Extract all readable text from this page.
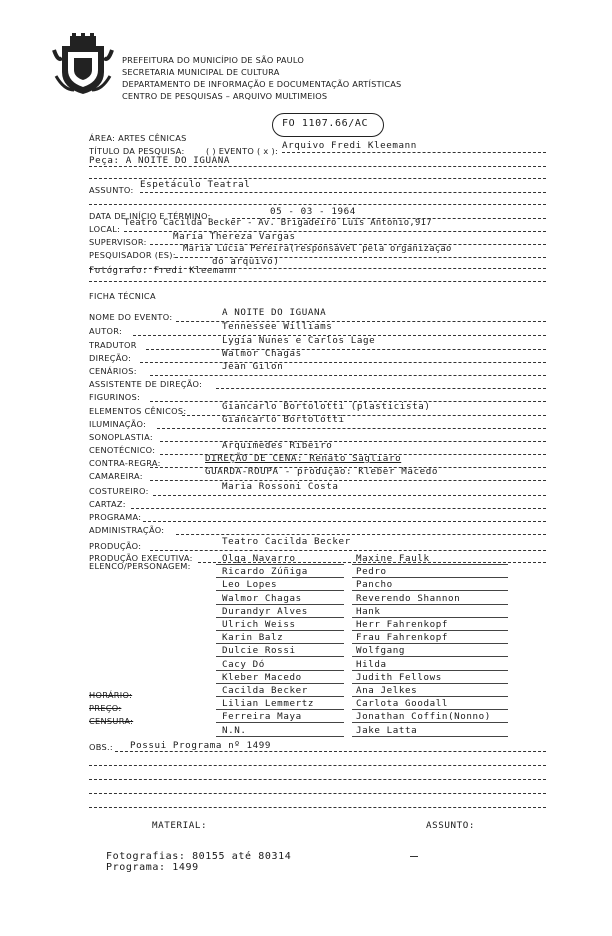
PREFEITURA DO MUNICÍPIO DE SÃO PAULO
SECRETARIA MUNICIPAL DE CULTURA
DEPARTAMENTO DE INFORMAÇÃO E DOCUMENTAÇÃO ARTÍSTICAS
CENTRO DE PESQUISAS – ARQUIVO MULTIMEIOS
FO 1107.66/AC
ÁREA: ARTES CÊNICAS
TÍTULO DA PESQUISA:	( ) EVENTO ( x ): Arquivo Fredi Kleemann
Peça: A NOITE DO IGUANA
ASSUNTO: Espetáculo Teatral
DATA DE INÍCIO E TÉRMINO:	05 - 03 - 1964
LOCAL:
Teatro Cacilda Becker - Av. Brigadeiro Luís Antonio,917
SUPERVISOR:	Maria Thereza Vargas
PESQUISADOR (ES):
Maria Lúcia Pereira(responsável pela organização
do arquivo)
Fotógrafo: Fredi Kleemann
FICHA TÉCNICA
NOME DO EVENTO:	A NOITE DO IGUANA
AUTOR:	Tennessee Williams
TRADUTOR	Lygia Nunes e Carlos Lage
DIREÇÃO:	Walmor Chagas
CENÁRIOS:	Jean Gilon
ASSISTENTE DE DIREÇÃO:
FIGURINOS:
ELEMENTOS CÊNICOS:	Giancarlo Bortolotti (plasticista)
ILUMINAÇÃO:	Giancarlo Bortolotti
SONOPLASTIA:
CENOTÉCNICO:	Arquimedes Ribeiro
CONTRA-REGRA:	DIREÇÃO DE CENA: Renato Sagliaro
CAMAREIRA:	GUARDA-ROUPA - produção: Kleber Macedo
COSTUREIRO:	Maria Rossoni Costa
CARTAZ:
PROGRAMA:
ADMINISTRAÇÃO:
PRODUÇÃO:	Teatro Cacilda Becker
PRODUÇÃO EXECUTIVA:
ELENCO/PERSONAGEM:
Olga Navarro	Maxine Faulk
Ricardo Zúñiga	Pedro
Leo Lopes	Pancho
Walmor Chagas	Reverendo Shannon
Durandyr Alves	Hank
Ulrich Weiss	Herr Fahrenkopf
Karin Balz	Frau Fahrenkopf
Dulcie Rossi	Wolfgang
Cacy Dó	Hilda
Kleber Macedo	Judith Fellows
Cacilda Becker	Ana Jelkes
Lilian Lemmertz	Carlota Goodall
Ferreira Maya	Jonathan Coffin(Nonno)
N.N.	Jake Latta
HORÁRIO:
PREÇO:
CENSURA:
OBS.: Possui Programa nº 1499
MATERIAL:	ASSUNTO:
Fotografias: 80155 até 80314
Programa: 1499
